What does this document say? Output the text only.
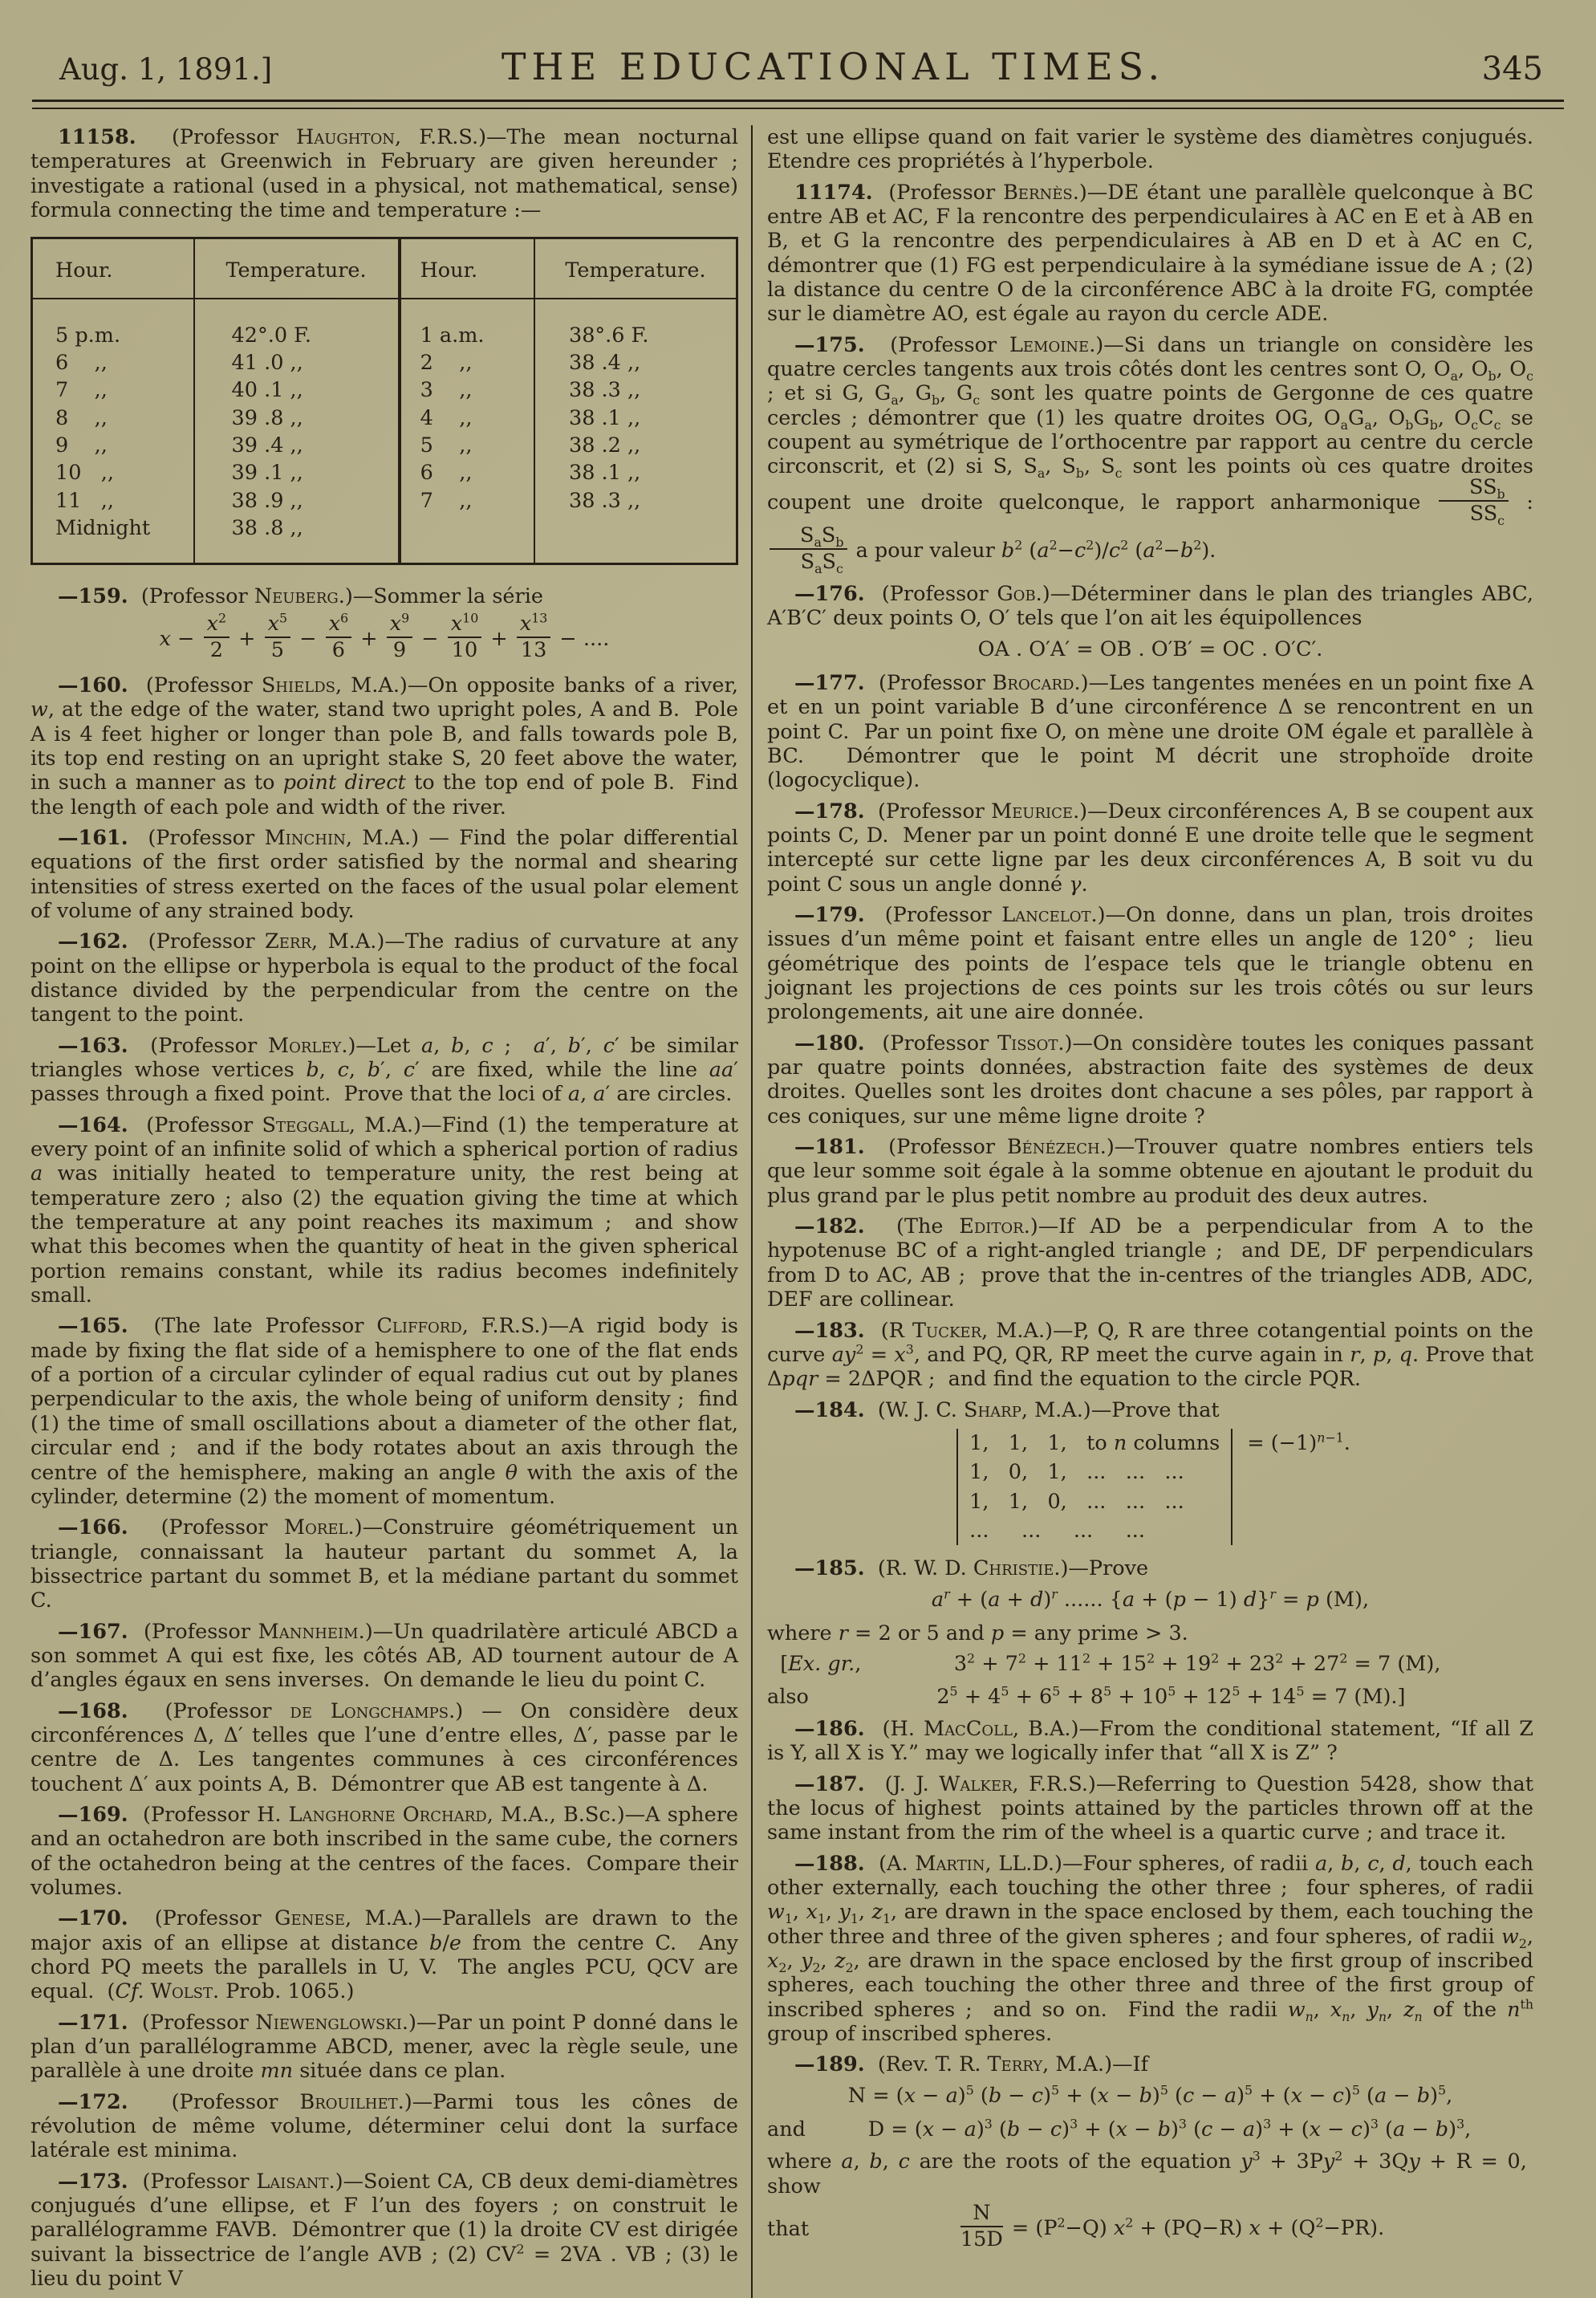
Aug. 1, 1891.]	THE EDUCATIONAL TIMES.	345

11158. (Professor Haughton, F.R.S.)—The mean nocturnal temperatures at Greenwich in February are given hereunder ; investigate a rational (used in a physical, not mathematical, sense) formula connecting the time and temperature :—

Hour.	Temperature.	Hour.	Temperature.
5 p.m.	42°.0 F.	1 a.m.	38°.6 F.
6    ,,	41 .0 ,,	2    ,,	38 .4 ,,
7    ,,	40 .1 ,,	3    ,,	38 .3 ,,
8    ,,	39 .8 ,,	4    ,,	38 .1 ,,
9    ,,	39 .4 ,,	5    ,,	38 .2 ,,
10   ,,	39 .1 ,,	6    ,,	38 .1 ,,
11   ,,	38 .9 ,,	7    ,,	38 .3 ,,
Midnight	38 .8 ,,		

—159. (Professor Neuberg.)—Sommer la série

$x - \frac{x^2}{2} + \frac{x^5}{5} - \frac{x^6}{6} + \frac{x^9}{9} - \frac{x^{10}}{10} + \frac{x^{13}}{13}$ − ....

—160. (Professor Shields, M.A.)—On opposite banks of a river, w, at the edge of the water, stand two upright poles, A and B.  Pole A is 4 feet higher or longer than pole B, and falls towards pole B, its top end resting on an upright stake S, 20 feet above the water, in such a manner as to point direct to the top end of pole B.  Find the length of each pole and width of the river.

—161. (Professor Minchin, M.A.) — Find the polar differential equations of the first order satisfied by the normal and shearing intensities of stress exerted on the faces of the usual polar element of volume of any strained body.

—162. (Professor Zerr, M.A.)—The radius of curvature at any point on the ellipse or hyperbola is equal to the product of the focal distance divided by the perpendicular from the centre on the tangent to the point.

—163. (Professor Morley.)—Let a, b, c ;  a′, b′, c′ be similar triangles whose vertices b, c, b′, c′ are fixed, while the line aa′ passes through a fixed point.  Prove that the loci of a, a′ are circles.

—164. (Professor Steggall, M.A.)—Find (1) the temperature at every point of an infinite solid of which a spherical portion of radius a was initially heated to temperature unity, the rest being at temperature zero ; also (2) the equation giving the time at which the temperature at any point reaches its maximum ;  and show what this becomes when the quantity of heat in the given spherical portion remains constant, while its radius becomes indefinitely small.

—165. (The late Professor Clifford, F.R.S.)—A rigid body is made by fixing the flat side of a hemisphere to one of the flat ends of a portion of a circular cylinder of equal radius cut out by planes perpendicular to the axis, the whole being of uniform density ;  find (1) the time of small oscillations about a diameter of the other flat, circular end ;  and if the body rotates about an axis through the centre of the hemisphere, making an angle θ with the axis of the cylinder, determine (2) the moment of momentum.

—166. (Professor Morel.)—Construire géométriquement un triangle, connaissant la hauteur partant du sommet A, la bissectrice partant du sommet B, et la médiane partant du sommet C.

—167. (Professor Mannheim.)—Un quadrilatère articulé ABCD a son sommet A qui est fixe, les côtés AB, AD tournent autour de A d’angles égaux en sens inverses.  On demande le lieu du point C.

—168. (Professor de Longchamps.) — On considère deux circonférences Δ, Δ′ telles que l’une d’entre elles, Δ′, passe par le centre de Δ. Les tangentes communes à ces circonférences touchent Δ′ aux points A, B.  Démontrer que AB est tangente à Δ.

—169. (Professor H. Langhorne Orchard, M.A., B.Sc.)—A sphere and an octahedron are both inscribed in the same cube, the corners of the octahedron being at the centres of the faces.  Compare their volumes.

—170. (Professor Genese, M.A.)—Parallels are drawn to the major axis of an ellipse at distance b/e from the centre C.  Any chord PQ meets the parallels in U, V.  The angles PCU, QCV are equal.  (Cf. Wolst. Prob. 1065.)

—171. (Professor Niewenglowski.)—Par un point P donné dans le plan d’un parallélogramme ABCD, mener, avec la règle seule, une parallèle à une droite mn située dans ce plan.

—172. (Professor Brouilhet.)—Parmi tous les cônes de révolution de même volume, déterminer celui dont la surface latérale est minima.

—173. (Professor Laisant.)—Soient CA, CB deux demi-diamètres conjugués d’une ellipse, et F l’un des foyers ; on construit le parallélogramme FAVB.  Démontrer que (1) la droite CV est dirigée suivant la bissectrice de l’angle AVB ; (2) $CV^2 = 2VA$ . VB ; (3) le lieu du point V

est une ellipse quand on fait varier le système des diamètres conjugués. Etendre ces propriétés à l’hyperbole.

11174. (Professor Bernès.)—DE étant une parallèle quelconque à BC entre AB et AC, F la rencontre des perpendiculaires à AC en E et à AB en B, et G la rencontre des perpendiculaires à AB en D et à AC en C, démontrer que (1) FG est perpendiculaire à la symédiane issue de A ; (2) la distance du centre O de la circonférence ABC à la droite FG, comptée sur le diamètre AO, est égale au rayon du cercle ADE.

—175. (Professor Lemoine.)—Si dans un triangle on considère les quatre cercles tangents aux trois côtés dont les centres sont O, $O_a$, $O_b$, $O_c$ ; et si G, $G_a$, $G_b$, $G_c$ sont les quatre points de Gergonne de ces quatre cercles ; démontrer que (1) les quatre droites OG, $O_aG_a$, $O_bG_b$, $O_cC_c$ se coupent au symétrique de l’orthocentre par rapport au centre du cercle circonscrit, et (2) si S, $S_a$, $S_b$, $S_c$ sont les points où ces quatre droites coupent une droite quelconque, le rapport anharmonique
$SS_b$
$SS_c$
:
$S_aS_b$
$S_aS_c$
a pour valeur $b^2$ $(a^2-c^2)/c^2$ $(a^2-b^2)$.

—176. (Professor Gob.)—Déterminer dans le plan des triangles ABC, A′B′C′ deux points O, O′ tels que l’on ait les équipollences

OA . O′A′ = OB . O′B′ = OC . O′C′.

—177. (Professor Brocard.)—Les tangentes menées en un point fixe A et en un point variable B d’une circonférence Δ se rencontrent en un point C.  Par un point fixe O, on mène une droite OM égale et parallèle à BC.  Démontrer que le point M décrit une strophoïde droite (logocyclique).

—178. (Professor Meurice.)—Deux circonférences A, B se coupent aux points C, D.  Mener par un point donné E une droite telle que le segment intercepté sur cette ligne par les deux circonférences A, B soit vu du point C sous un angle donné γ.

—179. (Professor Lancelot.)—On donne, dans un plan, trois droites issues d’un même point et faisant entre elles un angle de 120° ;  lieu géométrique des points de l’espace tels que le triangle obtenu en joignant les projections de ces points sur les trois côtés ou sur leurs prolongements, ait une aire donnée.

—180. (Professor Tissot.)—On considère toutes les coniques passant par quatre points données, abstraction faite des systèmes de deux droites. Quelles sont les droites dont chacune a ses pôles, par rapport à ces coniques, sur une même ligne droite ?

—181. (Professor Bénézech.)—Trouver quatre nombres entiers tels que leur somme soit égale à la somme obtenue en ajoutant le produit du plus grand par le plus petit nombre au produit des deux autres.

—182. (The Editor.)—If AD be a perpendicular from A to the hypotenuse BC of a right-angled triangle ;  and DE, DF perpendiculars from D to AC, AB ;  prove that the in-centres of the triangles ADB, ADC, DEF are collinear.

—183. (R Tucker, M.A.)—P, Q, R are three cotangential points on the curve $ay^2 = x^3$, and PQ, QR, RP meet the curve again in r, p, q. Prove that Δpqr = 2ΔPQR ;  and find the equation to the circle PQR.

—184. (W. J. C. Sharp, M.A.)—Prove that

1,   1,   1,   to n columns
1,   0,   1,   ...   ...   ...
1,   1,   0,   ...   ...   ...
...     ...     ...     ...
= $(-1)^{n-1}$.

—185. (R. W. D. Christie.)—Prove

$a^r + (a + d)^r$ ...... {a + (p − 1) d}$^r$ = p (M),

where r = 2 or 5 and p = any prime > 3.

[Ex. gr.,	$3^2 + 7^2 + 11^2 + 15^2 + 19^2 + 23^2 + 27^2 = 7$ (M),
also	$2^5 + 4^5 + 6^5 + 8^5 + 10^5 + 12^5 + 14^5 = 7$ (M).]

—186. (H. MacColl, B.A.)—From the conditional statement, “If all Z is Y, all X is Y.” may we logically infer that “all X is Z” ?

—187. (J. J. Walker, F.R.S.)—Referring to Question 5428, show that the locus of highest  points attained by the particles thrown off at the same instant from the rim of the wheel is a quartic curve ; and trace it.

—188. (A. Martin, LL.D.)—Four spheres, of radii a, b, c, d, touch each other externally, each touching the other three ;  four spheres, of radii $w_1$, $x_1$, $y_1$, $z_1$, are drawn in the space enclosed by them, each touching the other three and three of the given spheres ; and four spheres, of radii $w_2$, $x_2$, $y_2$, $z_2$, are drawn in the space enclosed by the first group of inscribed spheres, each touching the other three and three of the first group of inscribed spheres ;  and so on.  Find the radii $w_n$, $x_n$, $y_n$, $z_n$ of the $n^{th}$ group of inscribed spheres.

—189. (Rev. T. R. Terry, M.A.)—If

$N = (x - a)^5$ $(b - c)^5 + (x - b)^5$ $(c - a)^5 + (x - c)^5$ $(a - b)^5$,
and	$D = (x - a)^3$ $(b - c)^3 + (x - b)^3$ $(c - a)^3 + (x - c)^3$ $(a - b)^3$,

where a, b, c are the roots of the equation $y^3 + 3Py^2 + 3Qy + R = 0$,  show

that	$\frac{N}{15D} = (P^2-Q) x^2 + (PQ-R) x + (Q^2-PR)$.
